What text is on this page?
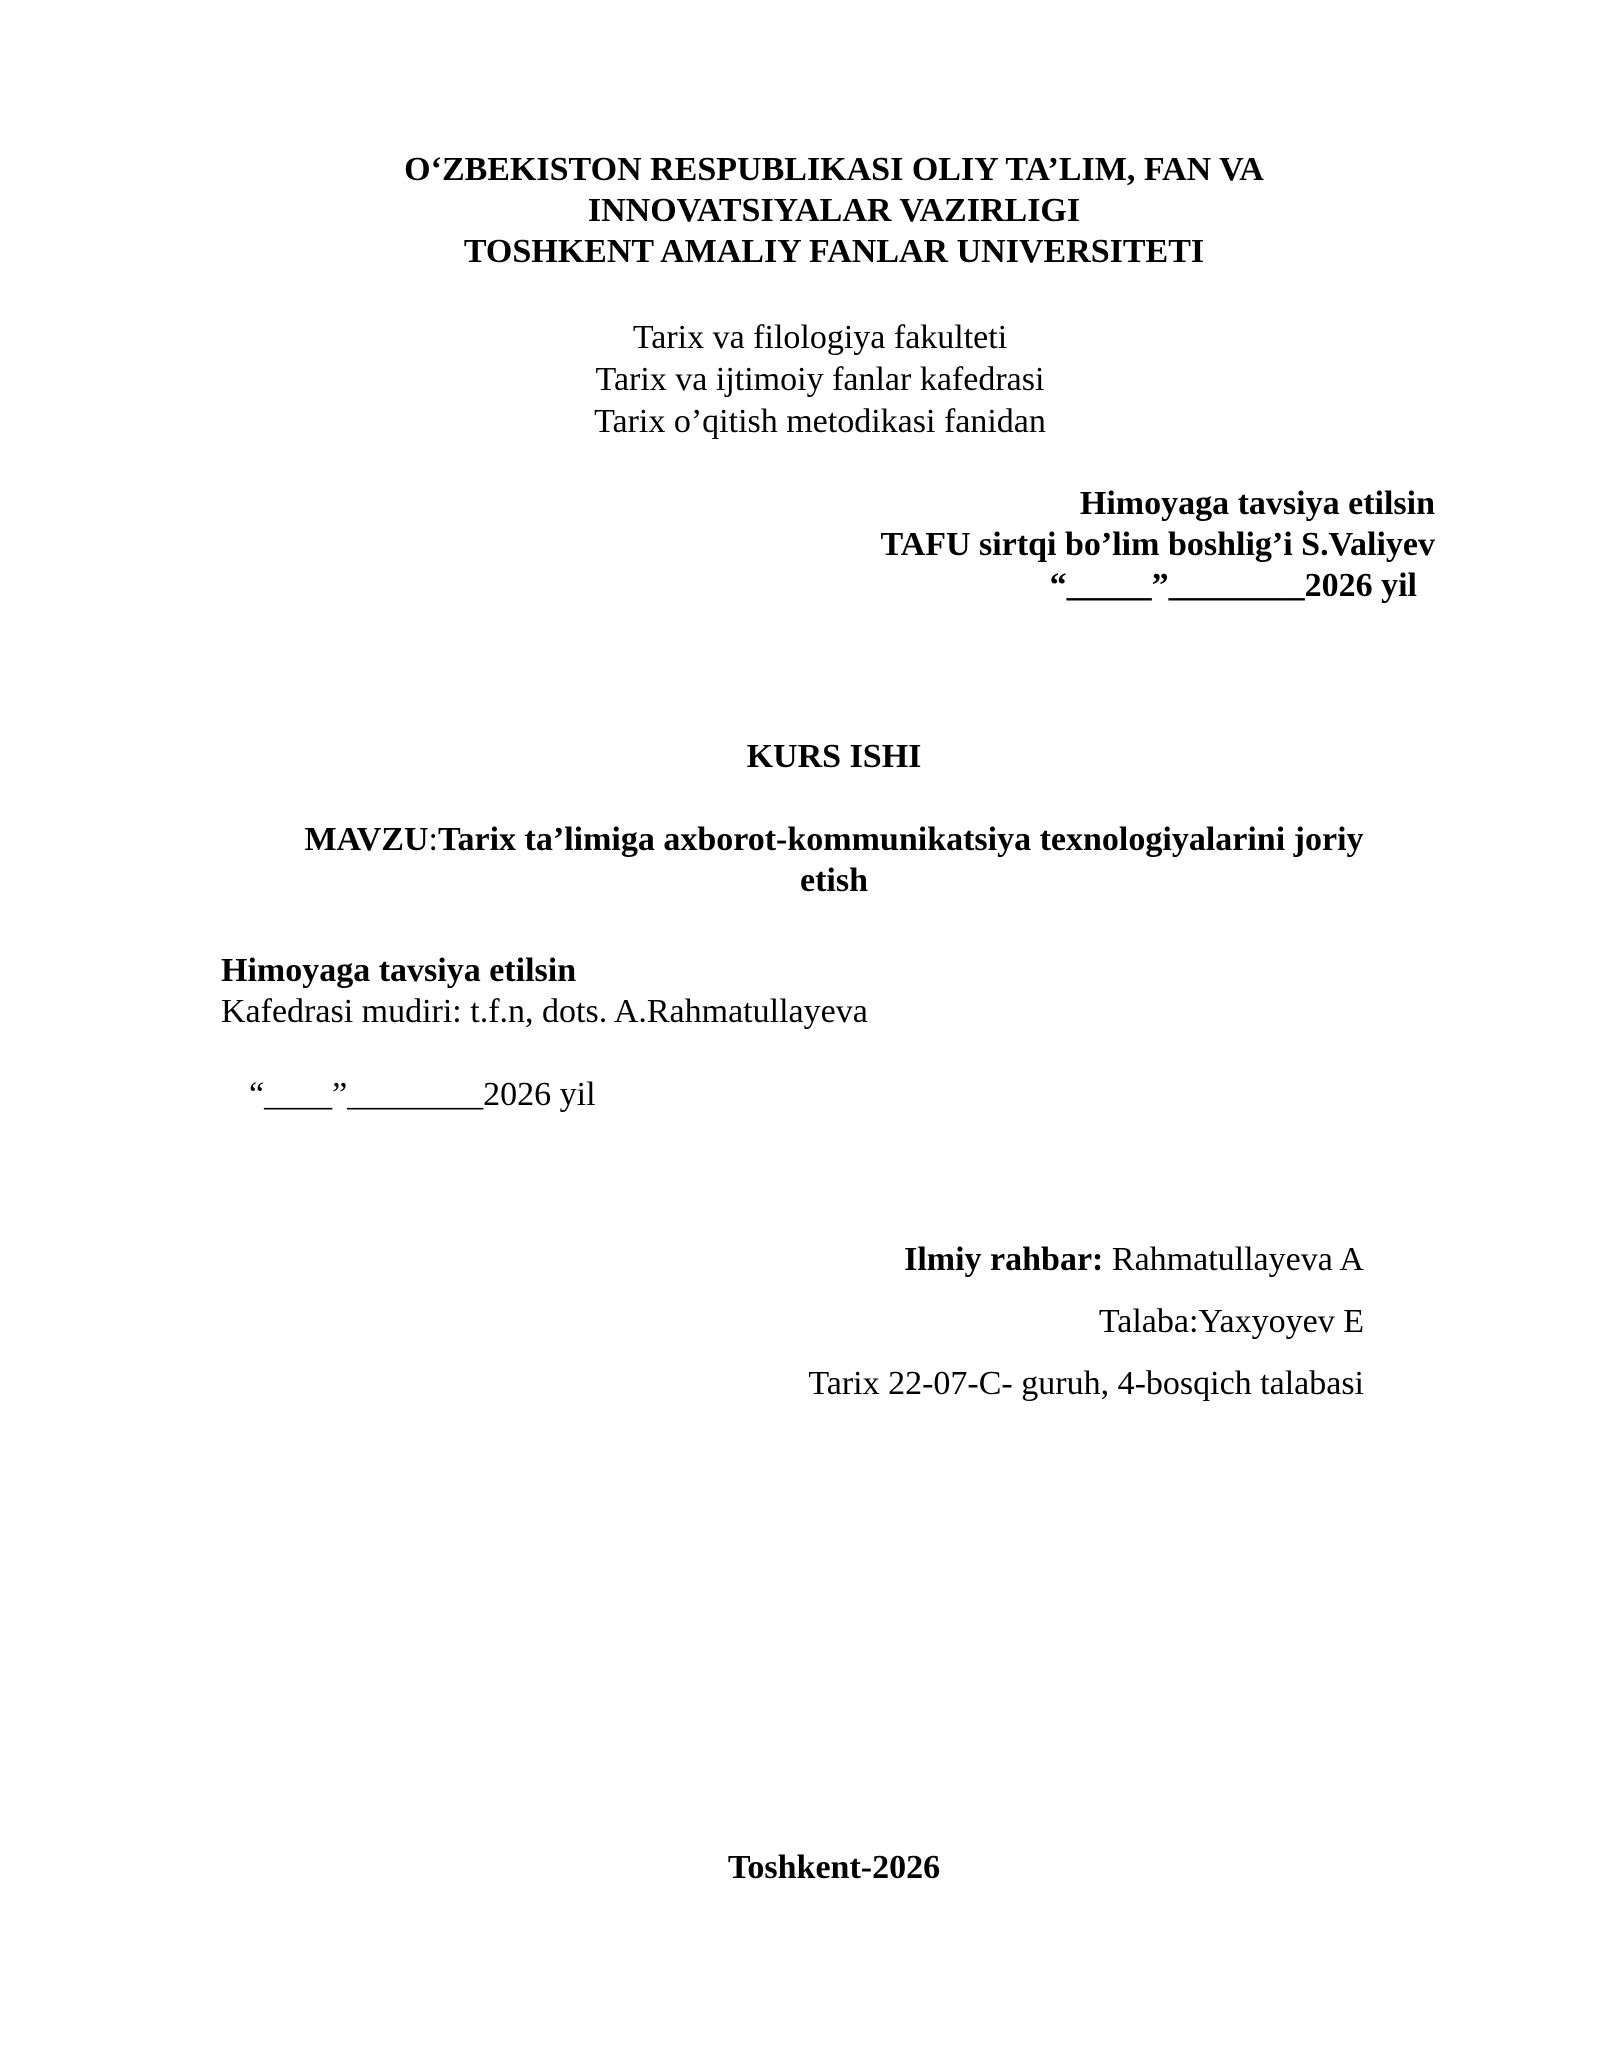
O‘ZBEKISTON RESPUBLIKASI OLIY TA’LIM, FAN VA
INNOVATSIYALAR VAZIRLIGI
TOSHKENT AMALIY FANLAR UNIVERSITETI
Tarix va filologiya fakulteti
Tarix va ijtimoiy fanlar kafedrasi
Tarix o’qitish metodikasi fanidan
Himoyaga tavsiya etilsin
TAFU sirtqi bo’lim boshlig’i S.Valiyev
“_____”________2026 yil
KURS ISHI
MAVZU:Tarix ta’limiga axborot-kommunikatsiya texnologiyalarini joriy
etish
Himoyaga tavsiya etilsin
Kafedrasi mudiri: t.f.n, dots. A.Rahmatullayeva
“____”________2026 yil
Ilmiy rahbar: Rahmatullayeva A
Talaba:Yaxyoyev E
Tarix 22-07-C- guruh, 4-bosqich talabasi
Toshkent-2026
